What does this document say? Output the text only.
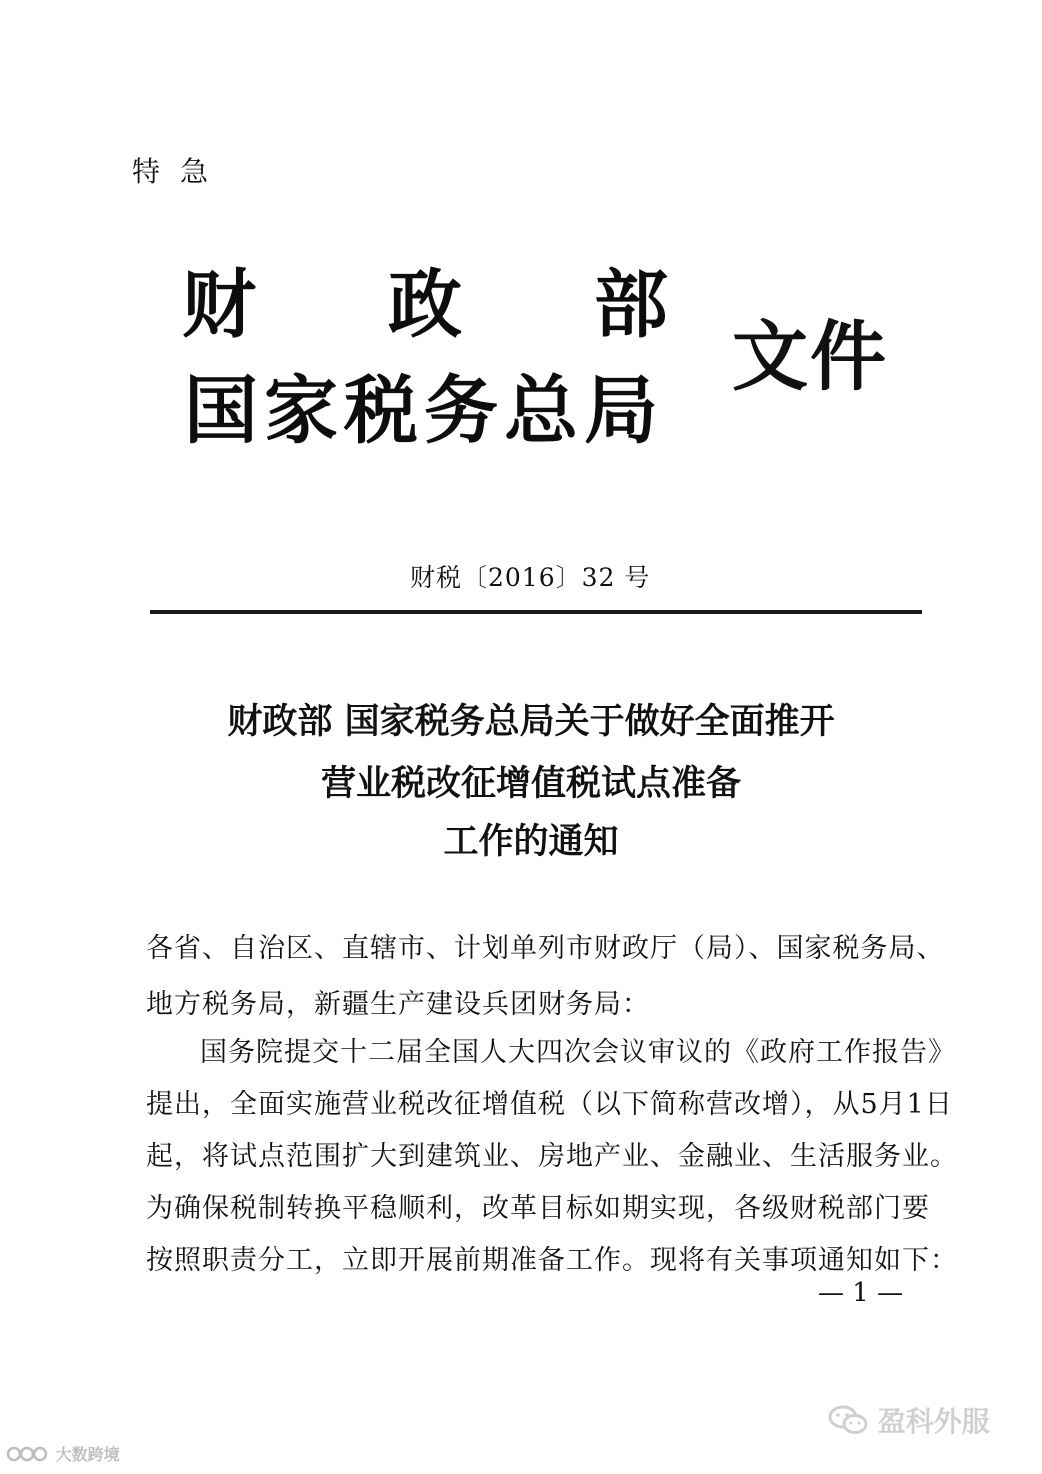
特急
财政部
国家税务总局
文件
财税〔2016〕32 号
财政部 国家税务总局关于做好全面推开
营业税改征增值税试点准备
工作的通知
各省、自治区、直辖市、计划单列市财政厅（局）、国家税务局、
地方税务局，新疆生产建设兵团财务局：
国务院提交十二届全国人大四次会议审议的《政府工作报告》
提出，全面实施营业税改征增值税（以下简称营改增），从5月1日
起，将试点范围扩大到建筑业、房地产业、金融业、生活服务业。
为确保税制转换平稳顺利，改革目标如期实现，各级财税部门要
按照职责分工，立即开展前期准备工作。现将有关事项通知如下：
— 1 —
盈科外服
大数跨境
